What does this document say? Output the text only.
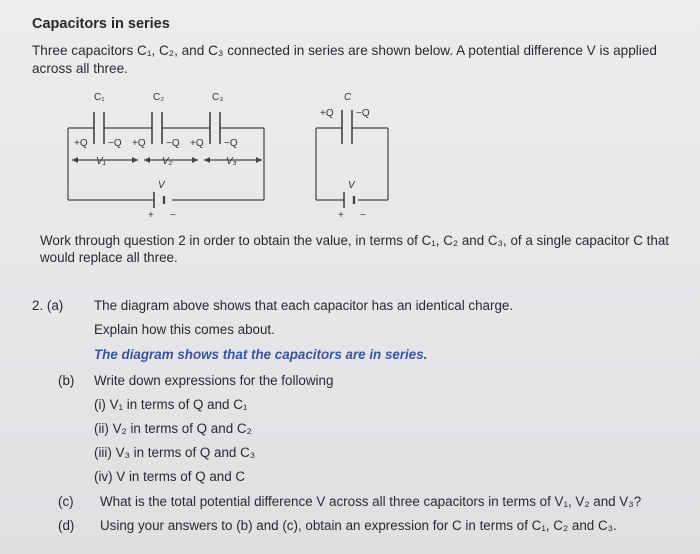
Capacitors in series
Three capacitors C₁, C₂, and C₃ connected in series are shown below. A potential difference V is applied across all three.
C₁	C₂	C₃
+Q −Q +Q −Q +Q −Q
V₁	V₂	V₃
V
+ −
C
+Q −Q
V
+ −
Work through question 2 in order to obtain the value, in terms of C₁, C₂ and C₃, of a single capacitor C that would replace all three.
2. (a) The diagram above shows that each capacitor has an identical charge.
Explain how this comes about.
The diagram shows that the capacitors are in series.
(b) Write down expressions for the following
(i) V₁ in terms of Q and C₁
(ii) V₂ in terms of Q and C₂
(iii) V₃ in terms of Q and C₃
(iv) V in terms of Q and C
(c) What is the total potential difference V across all three capacitors in terms of V₁, V₂ and V₃?
(d) Using your answers to (b) and (c), obtain an expression for C in terms of C₁, C₂ and C₃.
